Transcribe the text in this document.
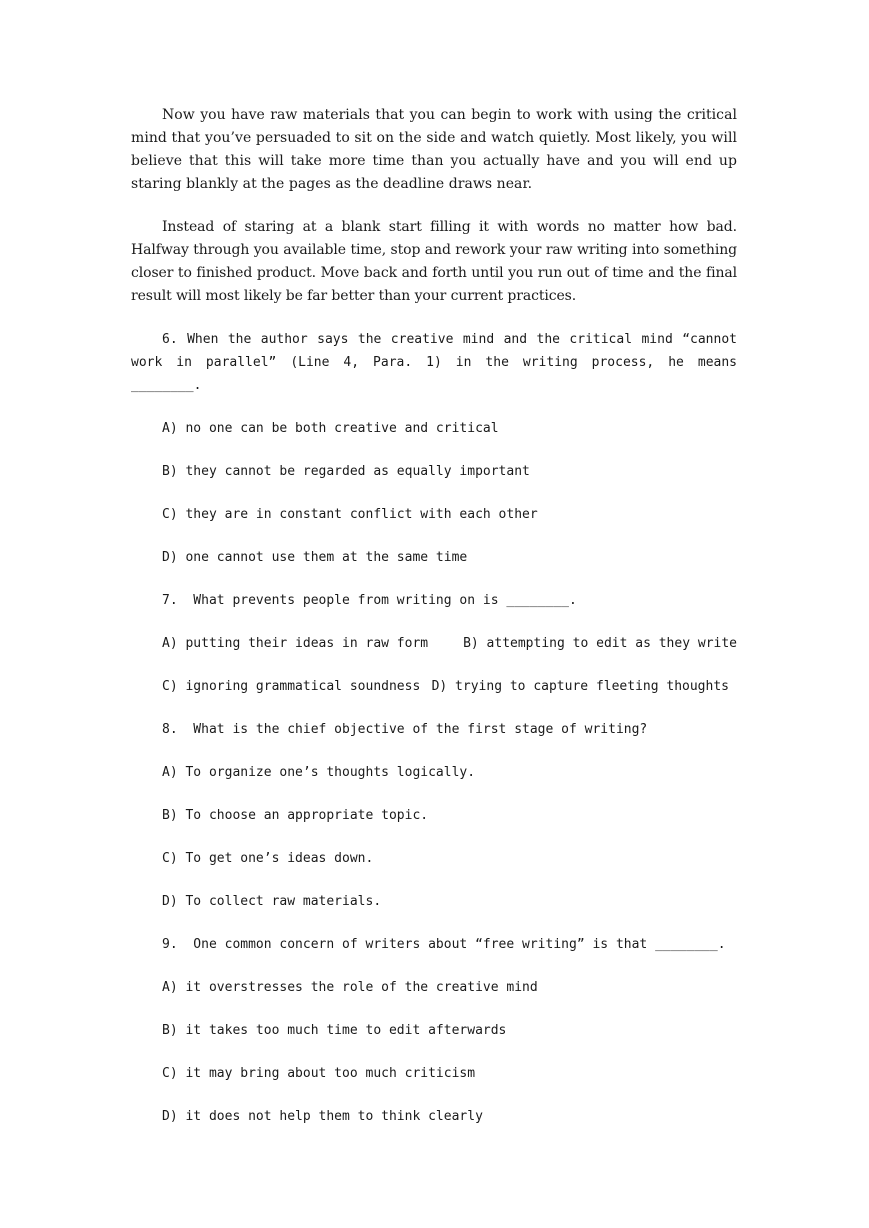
Now you have raw materials that you can begin to work with using the critical mind that you’ve persuaded to sit on the side and watch quietly. Most likely, you will believe that this will take more time than you actually have and you will end up staring blankly at the pages as the deadline draws near.

Instead of staring at a blank start filling it with words no matter how bad. Halfway through you available time, stop and rework your raw writing into something closer to finished product. Move back and forth until you run out of time and the final result will most likely be far better than your current practices.

6. When the author says the creative mind and the critical mind “cannot work in parallel” (Line 4, Para. 1) in the writing process, he means ________.

A) no one can be both creative and critical
B) they cannot be regarded as equally important
C) they are in constant conflict with each other
D) one cannot use them at the same time
7.  What prevents people from writing on is ________.
A) putting their ideas in raw form	B) attempting to edit as they write
C) ignoring grammatical soundness D) trying to capture fleeting thoughts
8.  What is the chief objective of the first stage of writing?
A) To organize one’s thoughts logically.
B) To choose an appropriate topic.
C) To get one’s ideas down.
D) To collect raw materials.
9.  One common concern of writers about “free writing” is that ________.
A) it overstresses the role of the creative mind
B) it takes too much time to edit afterwards
C) it may bring about too much criticism
D) it does not help them to think clearly
